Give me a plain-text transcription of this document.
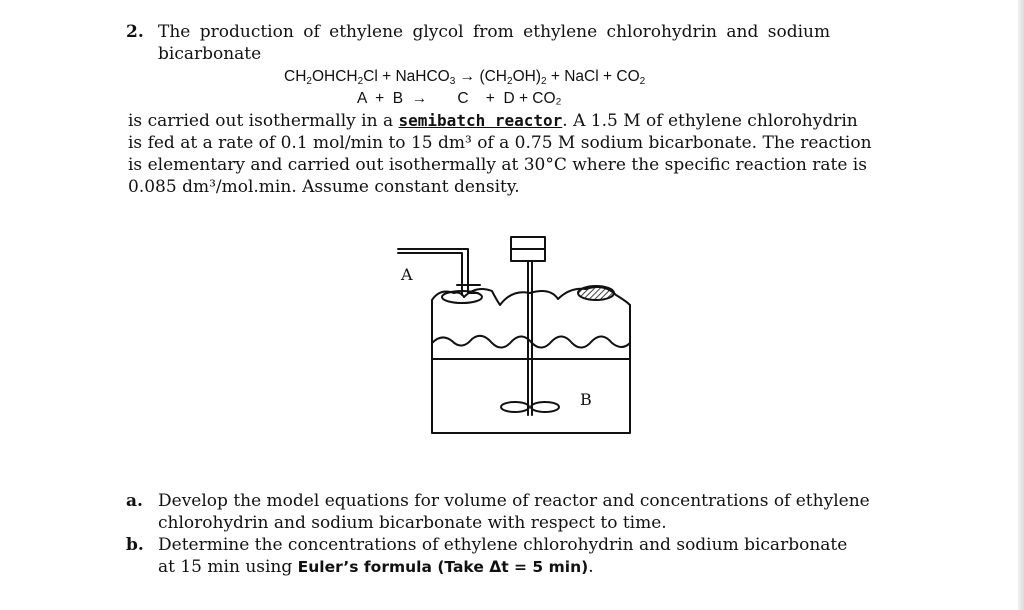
2. The production of ethylene glycol from ethylene chlorohydrin and sodium
bicarbonate
$CH_2OHCH_2Cl$ + NaHCO$_3$ → $(CH_2OH)_2$ + NaCl + $CO_2$
A  +  B  →       C    +  D + CO₂
is carried out isothermally in a semibatch reactor. A 1.5 M of ethylene chlorohydrin
is fed at a rate of 0.1 mol/min to 15 dm³ of a 0.75 M sodium bicarbonate. The reaction
is elementary and carried out isothermally at 30°C where the specific reaction rate is
0.085 dm³/mol.min. Assume constant density.
A
B
a. Develop the model equations for volume of reactor and concentrations of ethylene
chlorohydrin and sodium bicarbonate with respect to time.
b. Determine the concentrations of ethylene chlorohydrin and sodium bicarbonate
at 15 min using Euler’s formula (Take Δt = 5 min).
